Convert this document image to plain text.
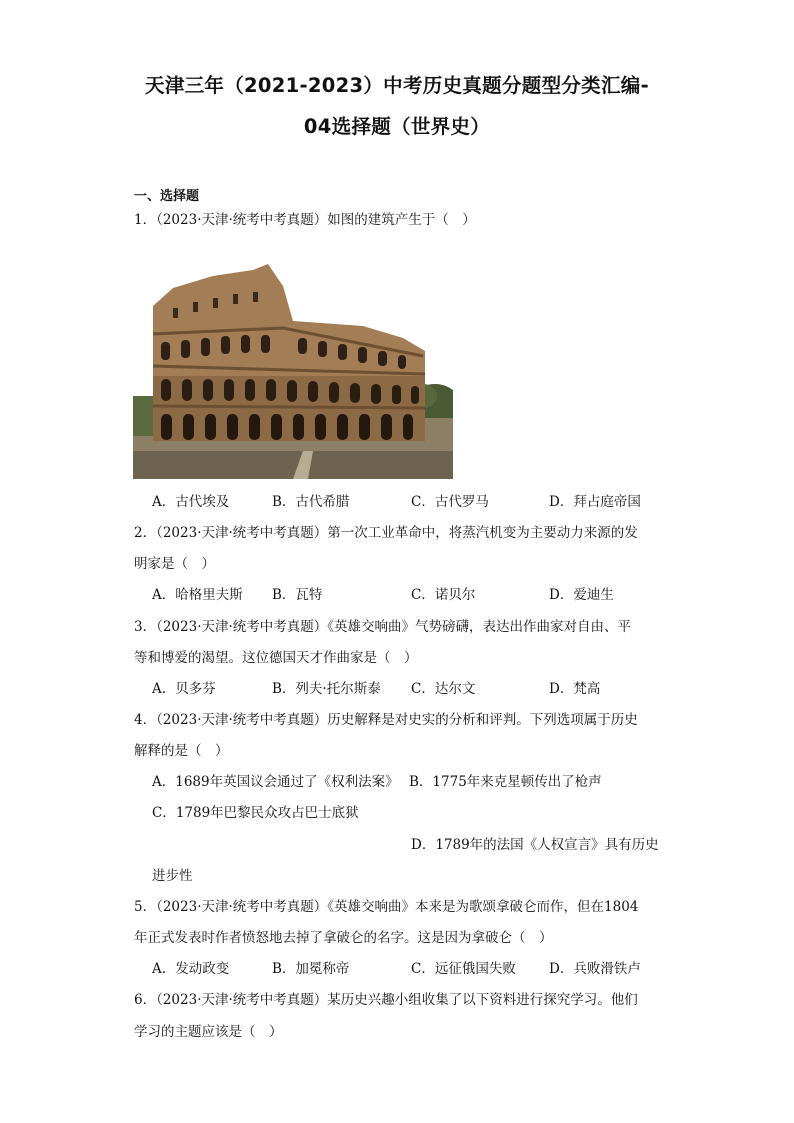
天津三年（2021-2023）中考历史真题分题型分类汇编-
04选择题（世界史）
一、选择题
1．（2023·天津·统考中考真题）如图的建筑产生于（　）
A．古代埃及	B．古代希腊	C．古代罗马	D．拜占庭帝国
2．（2023·天津·统考中考真题）第一次工业革命中，将蒸汽机变为主要动力来源的发
明家是（　）
A．哈格里夫斯 B．瓦特	C．诺贝尔	D．爱迪生
3．（2023·天津·统考中考真题）《英雄交响曲》气势磅礴，表达出作曲家对自由、平
等和博爱的渴望。这位德国天才作曲家是（　）
A．贝多芬	B．列夫·托尔斯泰 C．达尔文	D．梵高
4．（2023·天津·统考中考真题）历史解释是对史实的分析和评判。下列选项属于历史
解释的是（　）
A．1689年英国议会通过了《权利法案》 B．1775年来克星顿传出了枪声
C．1789年巴黎民众攻占巴士底狱
D．1789年的法国《人权宣言》具有历史
进步性
5．（2023·天津·统考中考真题）《英雄交响曲》本来是为歌颂拿破仑而作，但在1804
年正式发表时作者愤怒地去掉了拿破仑的名字。这是因为拿破仑（　）
A．发动政变	B．加冕称帝	C．远征俄国失败 D．兵败滑铁卢
6．（2023·天津·统考中考真题）某历史兴趣小组收集了以下资料进行探究学习。他们
学习的主题应该是（　）
